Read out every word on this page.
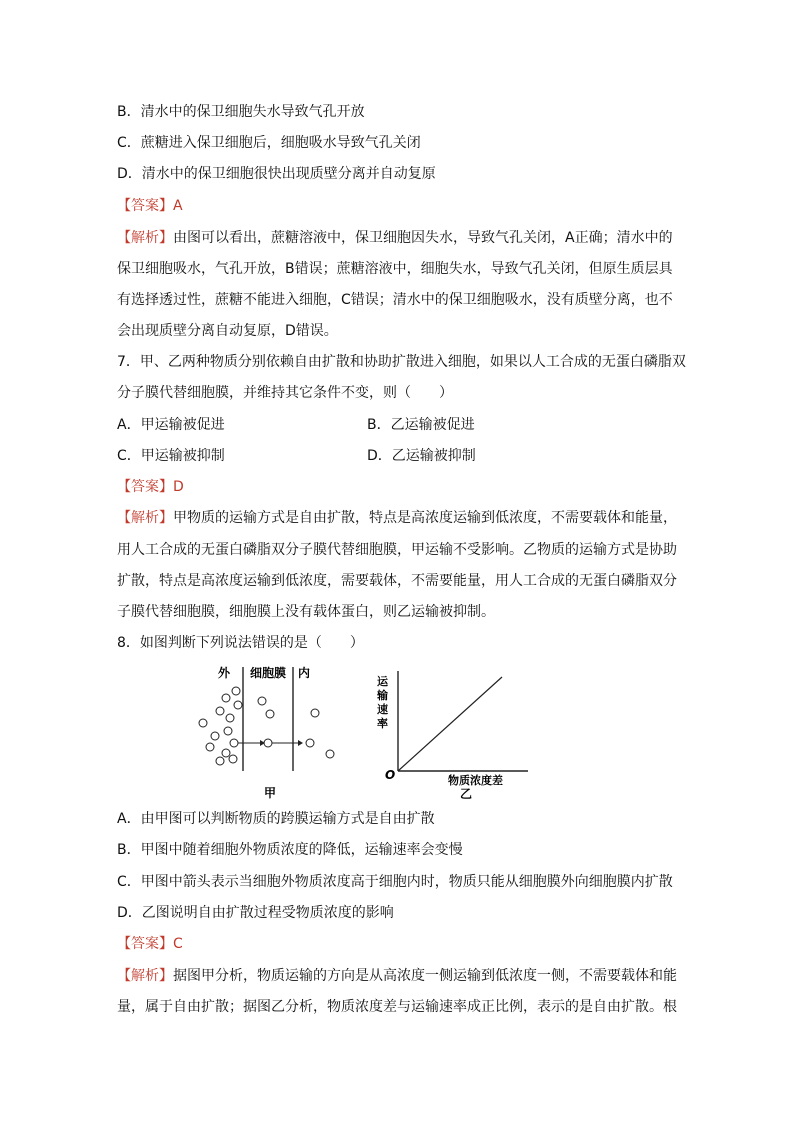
B．清水中的保卫细胞失水导致气孔开放
C．蔗糖进入保卫细胞后，细胞吸水导致气孔关闭
D．清水中的保卫细胞很快出现质壁分离并自动复原
【答案】A
【解析】由图可以看出，蔗糖溶液中，保卫细胞因失水，导致气孔关闭，A正确；清水中的
保卫细胞吸水，气孔开放，B错误；蔗糖溶液中，细胞失水，导致气孔关闭，但原生质层具
有选择透过性，蔗糖不能进入细胞，C错误；清水中的保卫细胞吸水，没有质壁分离，也不
会出现质壁分离自动复原，D错误。
7．甲、乙两种物质分别依赖自由扩散和协助扩散进入细胞，如果以人工合成的无蛋白磷脂双
分子膜代替细胞膜，并维持其它条件不变，则（　　）
A．甲运输被促进	B．乙运输被促进
C．甲运输被抑制	D．乙运输被抑制
【答案】D
【解析】甲物质的运输方式是自由扩散，特点是高浓度运输到低浓度，不需要载体和能量，
用人工合成的无蛋白磷脂双分子膜代替细胞膜，甲运输不受影响。乙物质的运输方式是协助
扩散，特点是高浓度运输到低浓度，需要载体，不需要能量，用人工合成的无蛋白磷脂双分
子膜代替细胞膜，细胞膜上没有载体蛋白，则乙运输被抑制。
8．如图判断下列说法错误的是（　　）
外 细胞膜 内
甲
运
输
速
率
O	物质浓度差
乙
A．由甲图可以判断物质的跨膜运输方式是自由扩散
B．甲图中随着细胞外物质浓度的降低，运输速率会变慢
C．甲图中箭头表示当细胞外物质浓度高于细胞内时，物质只能从细胞膜外向细胞膜内扩散
D．乙图说明自由扩散过程受物质浓度的影响
【答案】C
【解析】据图甲分析，物质运输的方向是从高浓度一侧运输到低浓度一侧，不需要载体和能
量，属于自由扩散；据图乙分析，物质浓度差与运输速率成正比例，表示的是自由扩散。根
